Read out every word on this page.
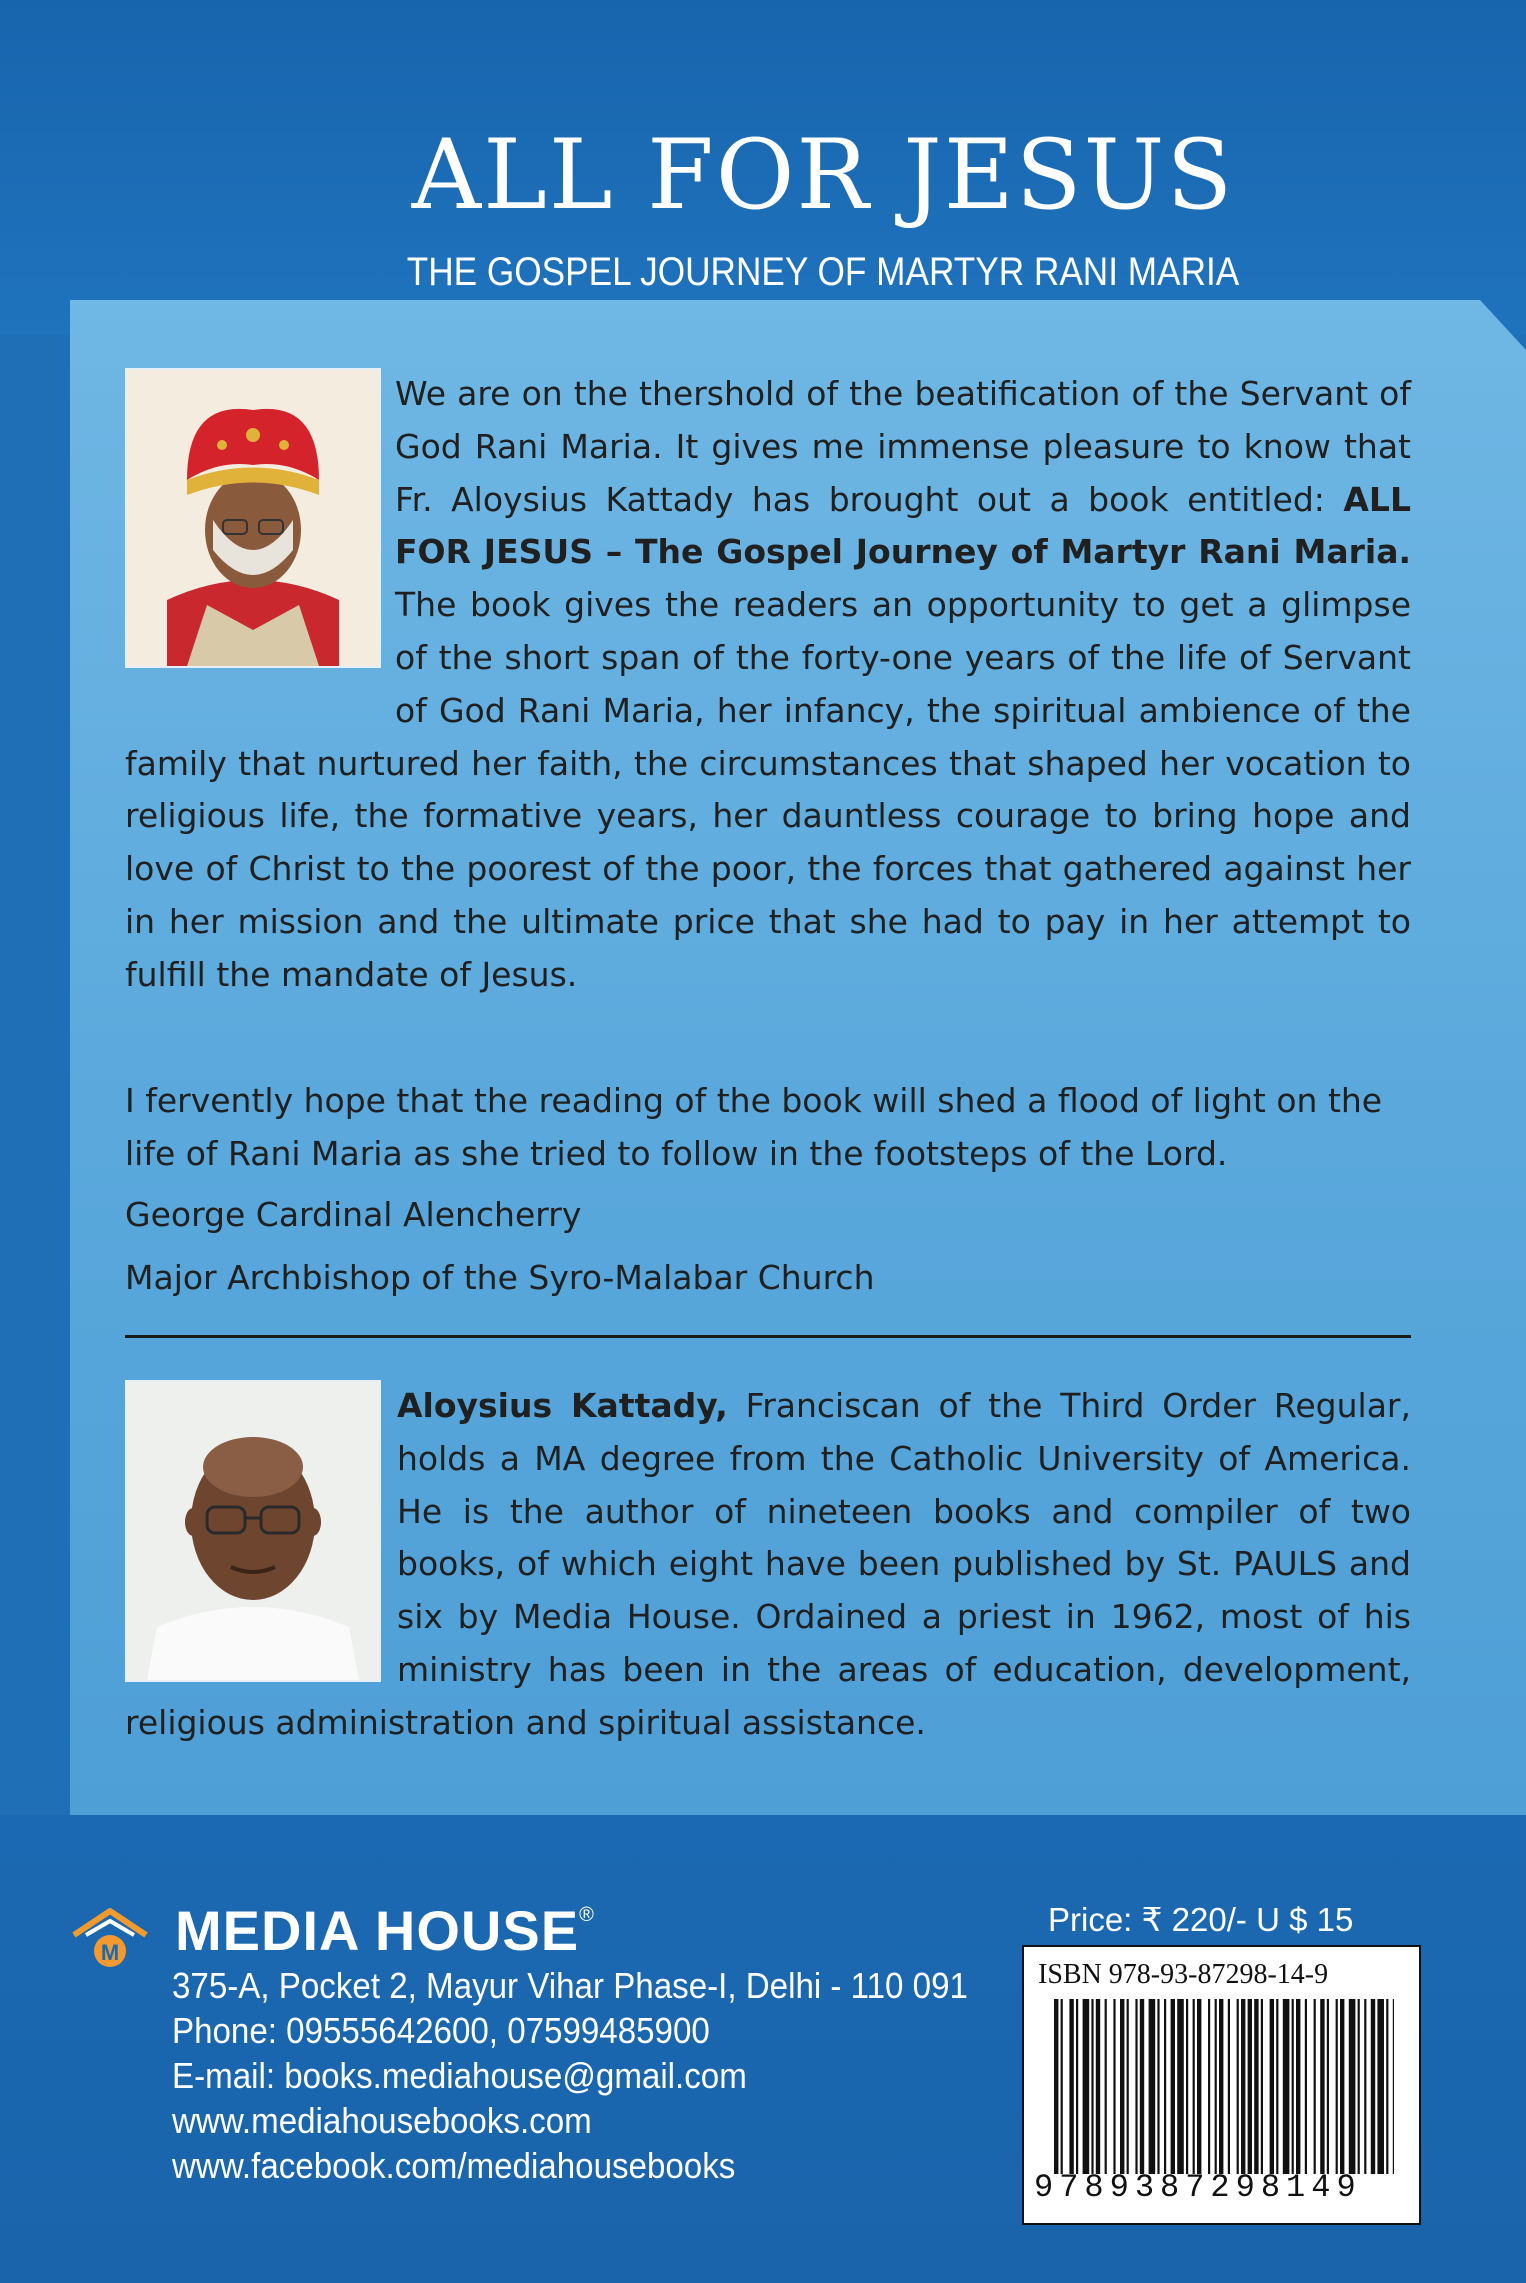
ALL FOR JESUS
THE GOSPEL JOURNEY OF MARTYR RANI MARIA
We are on the thershold of the beatification of the Servant of God Rani Maria. It gives me immense pleasure to know that Fr. Aloysius Kattady has brought out a book entitled: ALL FOR JESUS – The Gospel Journey of Martyr Rani Maria. The book gives the readers an opportunity to get a glimpse of the short span of the forty-one years of the life of Servant of God Rani Maria, her infancy, the spiritual ambience of the family that nurtured her faith, the circumstances that shaped her vocation to religious life, the formative years, her dauntless courage to bring hope and love of Christ to the poorest of the poor, the forces that gathered against her in her mission and the ultimate price that she had to pay in her attempt to fulfill the mandate of Jesus.
I fervently hope that the reading of the book will shed a flood of light on the life of Rani Maria as she tried to follow in the footsteps of the Lord.
George Cardinal Alencherry
Major Archbishop of the Syro-Malabar Church
Aloysius Kattady, Franciscan of the Third Order Regular, holds a MA degree from the Catholic University of America. He is the author of nineteen books and compiler of two books, of which eight have been published by St. PAULS and six by Media House. Ordained a priest in 1962, most of his ministry has been in the areas of education, development, religious administration and spiritual assistance.
M MEDIA HOUSE®
375-A, Pocket 2, Mayur Vihar Phase-I, Delhi - 110 091
Phone: 09555642600, 07599485900
E-mail: books.mediahouse@gmail.com
www.mediahousebooks.com
www.facebook.com/mediahousebooks
Price: ₹ 220/- U $ 15
ISBN 978-93-87298-14-9
9789387298149
